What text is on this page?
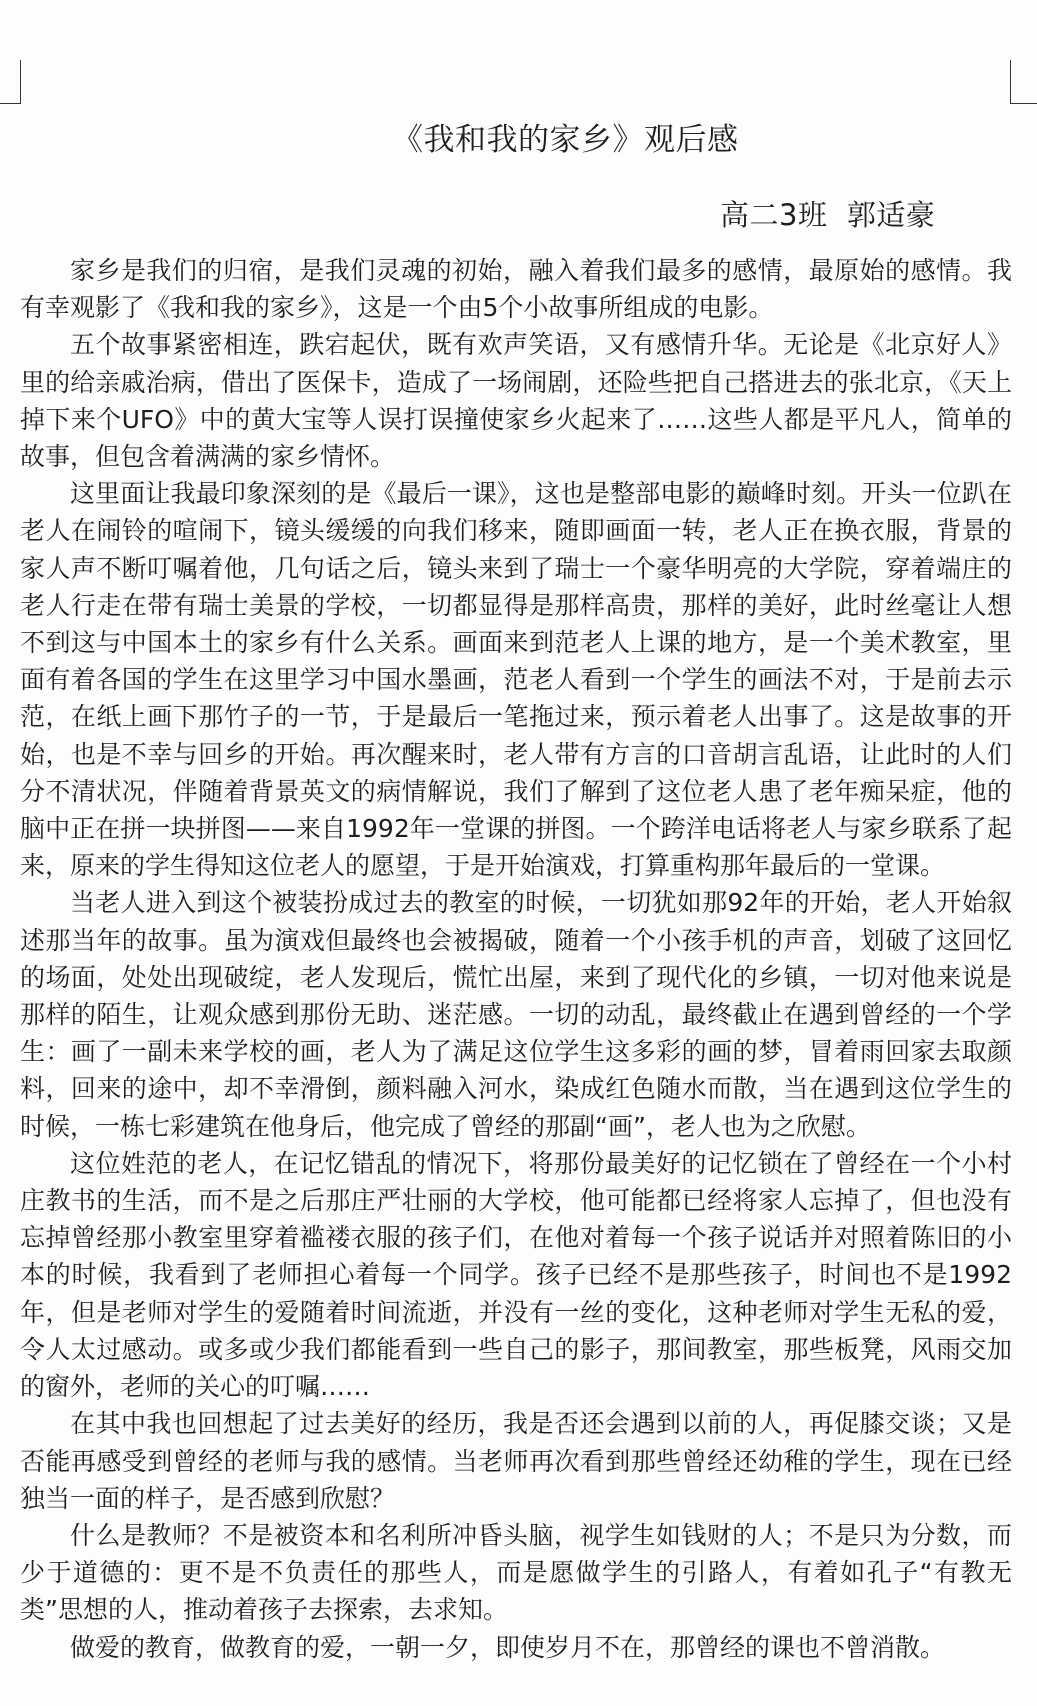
《我和我的家乡》观后感
高二3班  郭适豪

家乡是我们的归宿，是我们灵魂的初始，融入着我们最多的感情，最原始的感情。我有幸观影了《我和我的家乡》，这是一个由5个小故事所组成的电影。

五个故事紧密相连，跌宕起伏，既有欢声笑语，又有感情升华。无论是《北京好人》里的给亲戚治病，借出了医保卡，造成了一场闹剧，还险些把自己搭进去的张北京，《天上掉下来个UFO》中的黄大宝等人误打误撞使家乡火起来了……这些人都是平凡人，简单的故事，但包含着满满的家乡情怀。

这里面让我最印象深刻的是《最后一课》，这也是整部电影的巅峰时刻。开头一位趴在老人在闹铃的喧闹下，镜头缓缓的向我们移来，随即画面一转，老人正在换衣服，背景的家人声不断叮嘱着他，几句话之后，镜头来到了瑞士一个豪华明亮的大学院，穿着端庄的老人行走在带有瑞士美景的学校，一切都显得是那样高贵，那样的美好，此时丝毫让人想不到这与中国本土的家乡有什么关系。画面来到范老人上课的地方，是一个美术教室，里面有着各国的学生在这里学习中国水墨画，范老人看到一个学生的画法不对，于是前去示范，在纸上画下那竹子的一节，于是最后一笔拖过来，预示着老人出事了。这是故事的开始，也是不幸与回乡的开始。再次醒来时，老人带有方言的口音胡言乱语，让此时的人们分不清状况，伴随着背景英文的病情解说，我们了解到了这位老人患了老年痴呆症，他的脑中正在拼一块拼图——来自1992年一堂课的拼图。一个跨洋电话将老人与家乡联系了起来，原来的学生得知这位老人的愿望，于是开始演戏，打算重构那年最后的一堂课。

当老人进入到这个被装扮成过去的教室的时候，一切犹如那92年的开始，老人开始叙述那当年的故事。虽为演戏但最终也会被揭破，随着一个小孩手机的声音，划破了这回忆的场面，处处出现破绽，老人发现后，慌忙出屋，来到了现代化的乡镇，一切对他来说是那样的陌生，让观众感到那份无助、迷茫感。一切的动乱，最终截止在遇到曾经的一个学生：画了一副未来学校的画，老人为了满足这位学生这多彩的画的梦，冒着雨回家去取颜料，回来的途中，却不幸滑倒，颜料融入河水，染成红色随水而散，当在遇到这位学生的时候，一栋七彩建筑在他身后，他完成了曾经的那副“画”，老人也为之欣慰。

这位姓范的老人，在记忆错乱的情况下，将那份最美好的记忆锁在了曾经在一个小村庄教书的生活，而不是之后那庄严壮丽的大学校，他可能都已经将家人忘掉了，但也没有忘掉曾经那小教室里穿着褴褛衣服的孩子们，在他对着每一个孩子说话并对照着陈旧的小本的时候，我看到了老师担心着每一个同学。孩子已经不是那些孩子，时间也不是1992年，但是老师对学生的爱随着时间流逝，并没有一丝的变化，这种老师对学生无私的爱，令人太过感动。或多或少我们都能看到一些自己的影子，那间教室，那些板凳，风雨交加的窗外，老师的关心的叮嘱……

在其中我也回想起了过去美好的经历，我是否还会遇到以前的人，再促膝交谈；又是否能再感受到曾经的老师与我的感情。当老师再次看到那些曾经还幼稚的学生，现在已经独当一面的样子，是否感到欣慰？

什么是教师？不是被资本和名利所冲昏头脑，视学生如钱财的人；不是只为分数，而少于道德的：更不是不负责任的那些人，而是愿做学生的引路人，有着如孔子“有教无类”思想的人，推动着孩子去探索，去求知。

做爱的教育，做教育的爱，一朝一夕，即使岁月不在，那曾经的课也不曾消散。
